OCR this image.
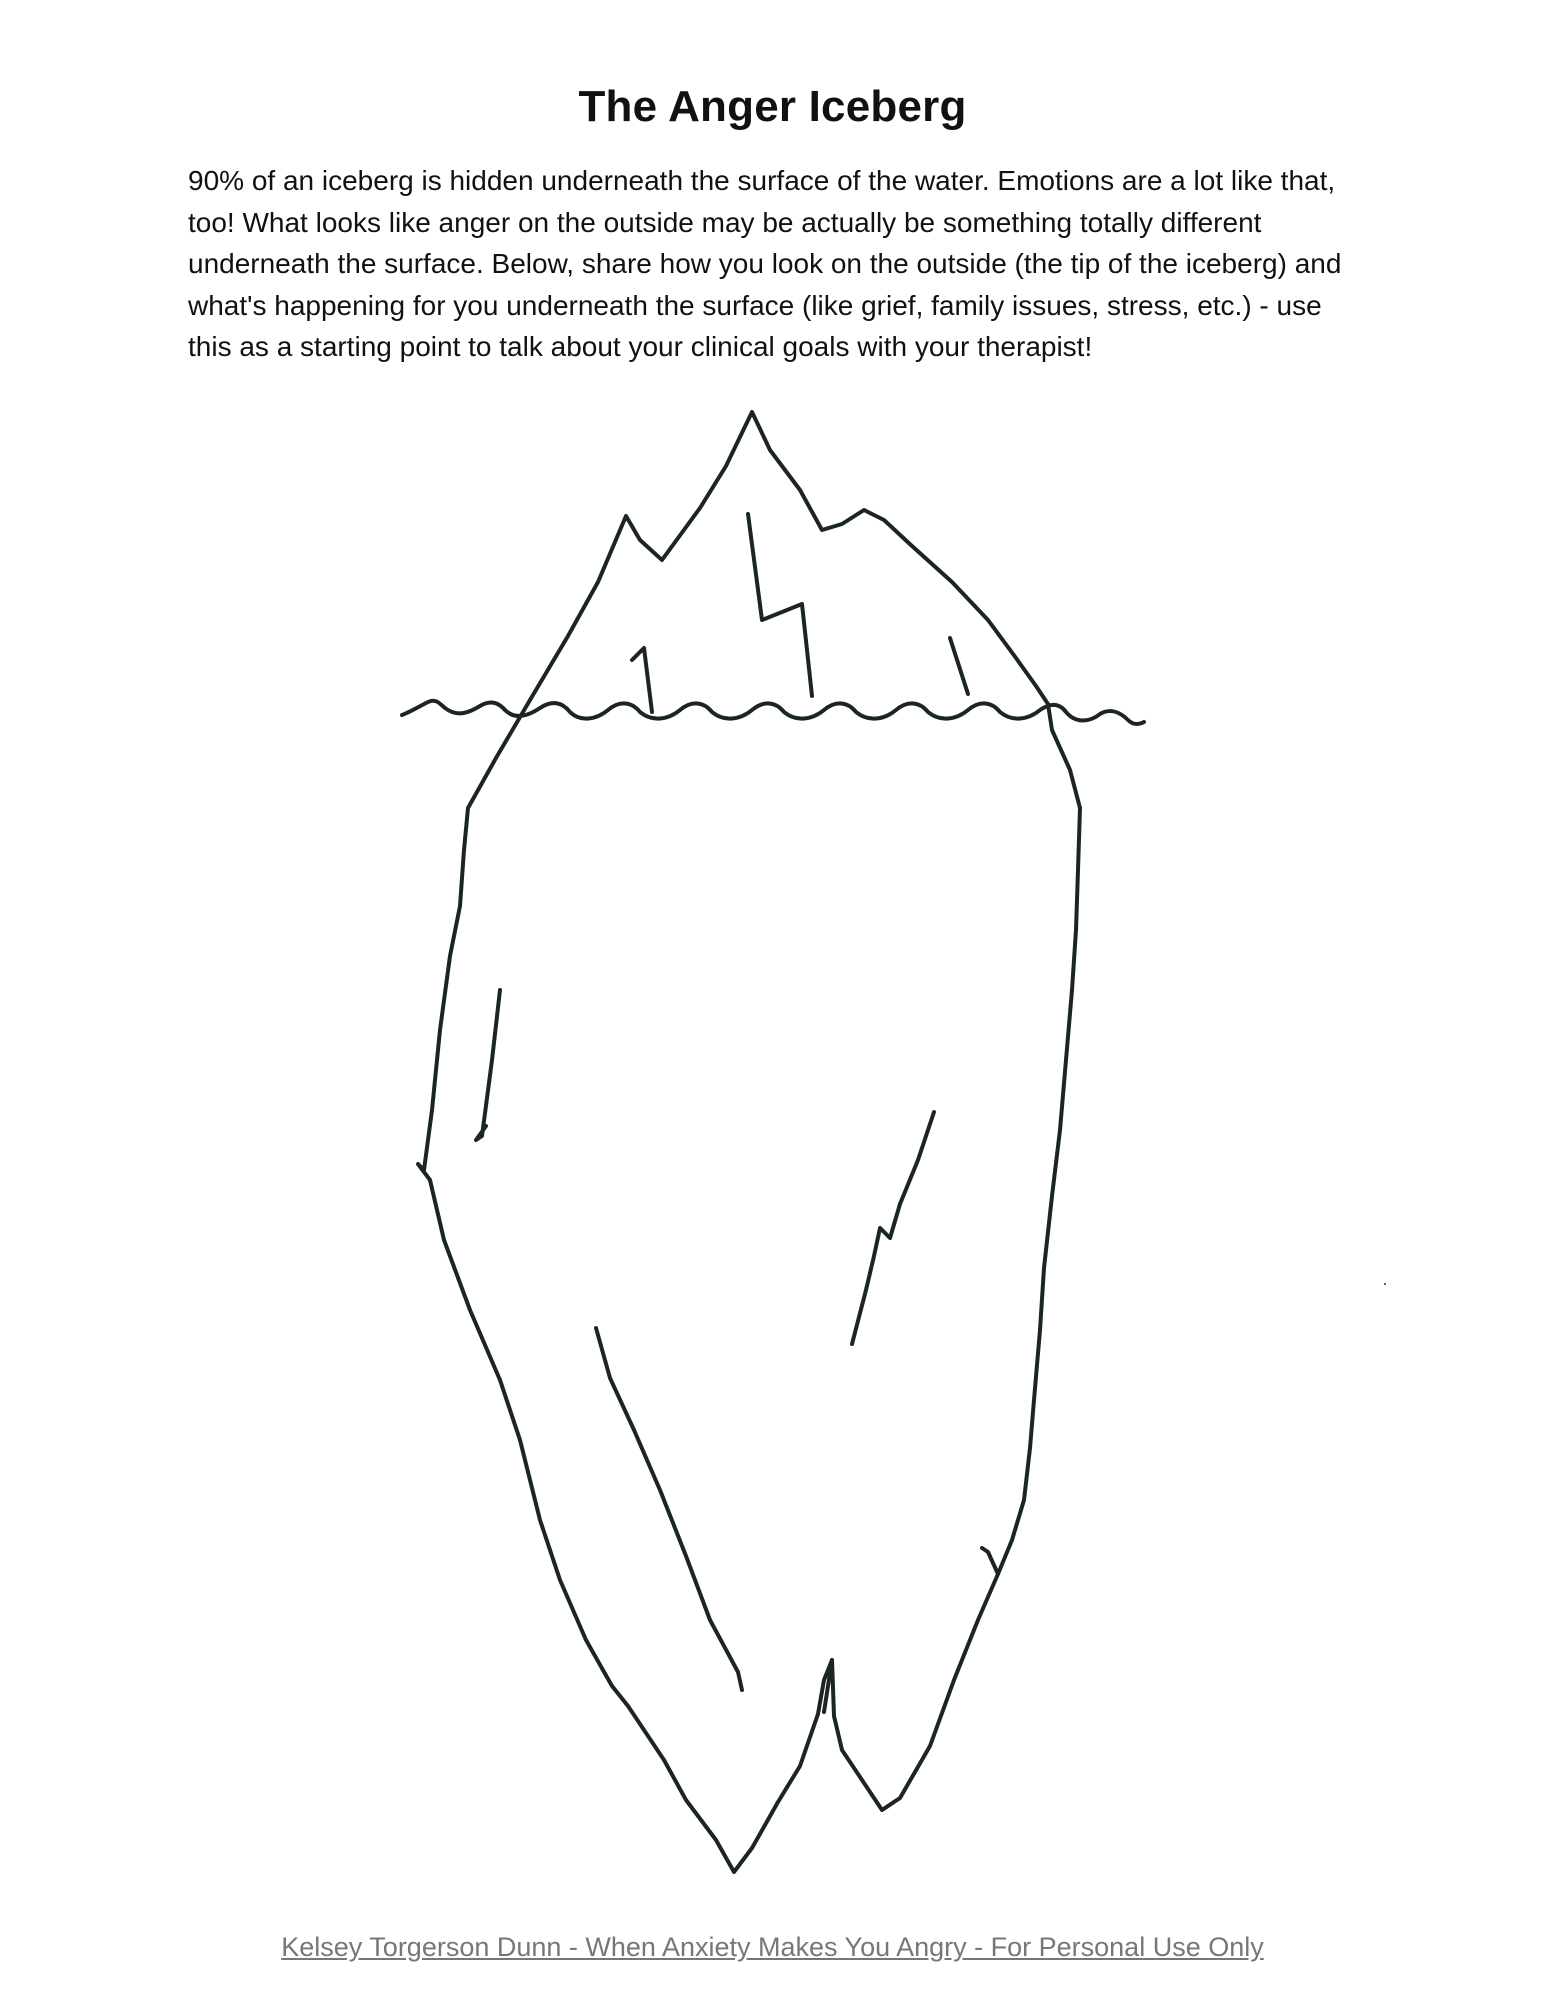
The Anger Iceberg

90% of an iceberg is hidden underneath the surface of the water. Emotions are a lot like that, too! What looks like anger on the outside may be actually be something totally different underneath the surface. Below, share how you look on the outside (the tip of the iceberg) and what's happening for you underneath the surface (like grief, family issues, stress, etc.) - use this as a starting point to talk about your clinical goals with your therapist!

Kelsey Torgerson Dunn - When Anxiety Makes You Angry - For Personal Use Only
